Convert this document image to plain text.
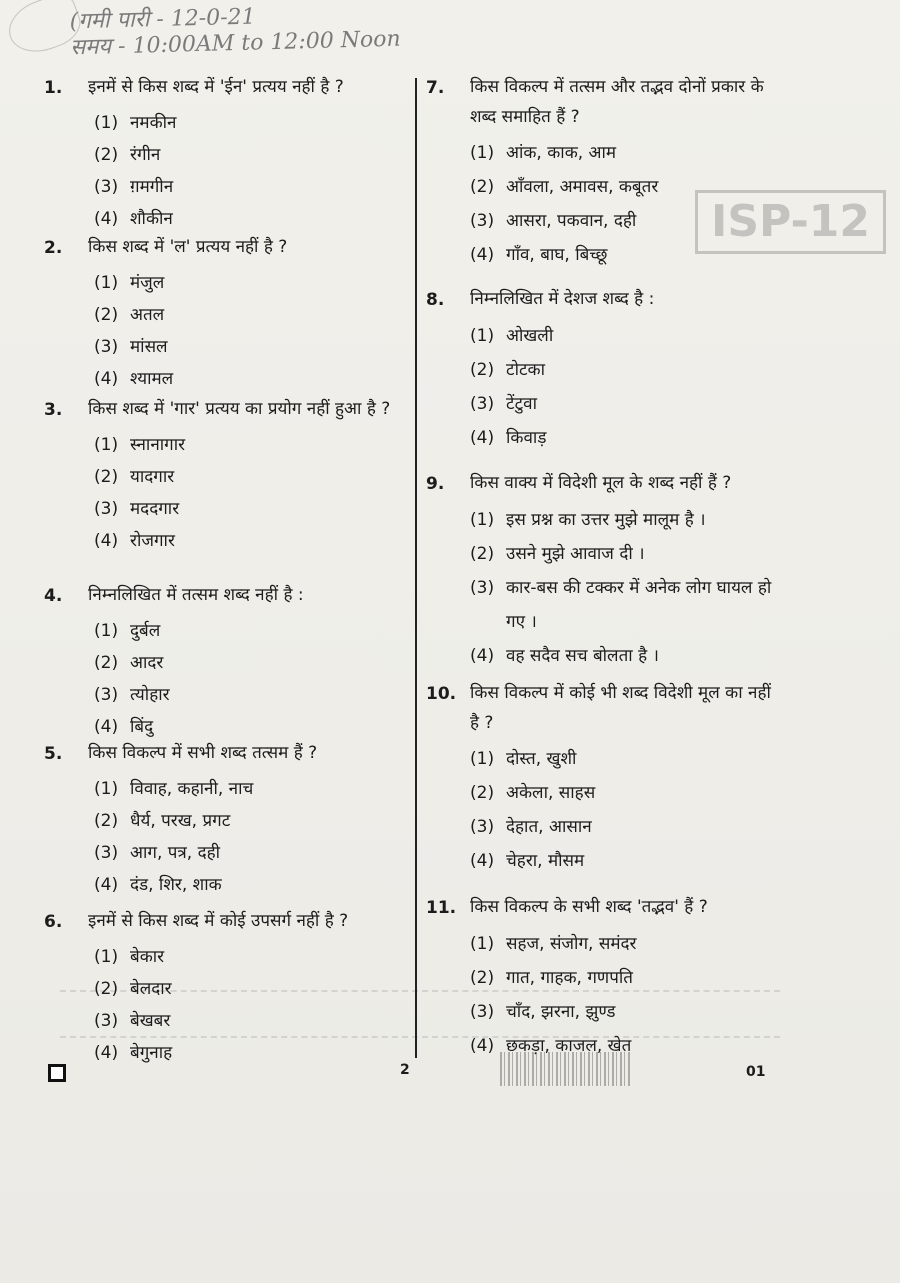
(गमी पारी - 12-0-21
समय - 10:00AM to 12:00 Noon
ISP-12
1.	इनमें से किस शब्द में 'ईन' प्रत्यय नहीं है ?
(1) नमकीन
(2) रंगीन
(3) ग़मगीन
(4) शौकीन
2.	किस शब्द में 'ल' प्रत्यय नहीं है ?
(1) मंजुल
(2) अतल
(3) मांसल
(4) श्यामल
3.	किस शब्द में 'गार' प्रत्यय का प्रयोग नहीं हुआ है ?
(1) स्नानागार
(2) यादगार
(3) मददगार
(4) रोजगार
4.	निम्नलिखित में तत्सम शब्द नहीं है :
(1) दुर्बल
(2) आदर
(3) त्योहार
(4) बिंदु
5.	किस विकल्प में सभी शब्द तत्सम हैं ?
(1) विवाह, कहानी, नाच
(2) धैर्य, परख, प्रगट
(3) आग, पत्र, दही
(4) दंड, शिर, शाक
6.	इनमें से किस शब्द में कोई उपसर्ग नहीं है ?
(1) बेकार
(2) बेलदार
(3) बेखबर
(4) बेगुनाह
7.	किस विकल्प में तत्सम और तद्भव दोनों प्रकार के शब्द समाहित हैं ?
(1) आंक, काक, आम
(2) आँवला, अमावस, कबूतर
(3) आसरा, पकवान, दही
(4) गाँव, बाघ, बिच्छू
8.	निम्नलिखित में देशज शब्द है :
(1) ओखली
(2) टोटका
(3) टेंटुवा
(4) किवाड़
9.	किस वाक्य में विदेशी मूल के शब्द नहीं हैं ?
(1) इस प्रश्न का उत्तर मुझे मालूम है ।
(2) उसने मुझे आवाज दी ।
(3) कार-बस की टक्कर में अनेक लोग घायल हो गए ।
(4) वह सदैव सच बोलता है ।
10. किस विकल्प में कोई भी शब्द विदेशी मूल का नहीं है ?
(1) दोस्त, खुशी
(2) अकेला, साहस
(3) देहात, आसान
(4) चेहरा, मौसम
11. किस विकल्प के सभी शब्द 'तद्भव' हैं ?
(1) सहज, संजोग, समंदर
(2) गात, गाहक, गणपति
(3) चाँद, झरना, झुण्ड
(4) छकड़ा, काजल, खेत
2	01
